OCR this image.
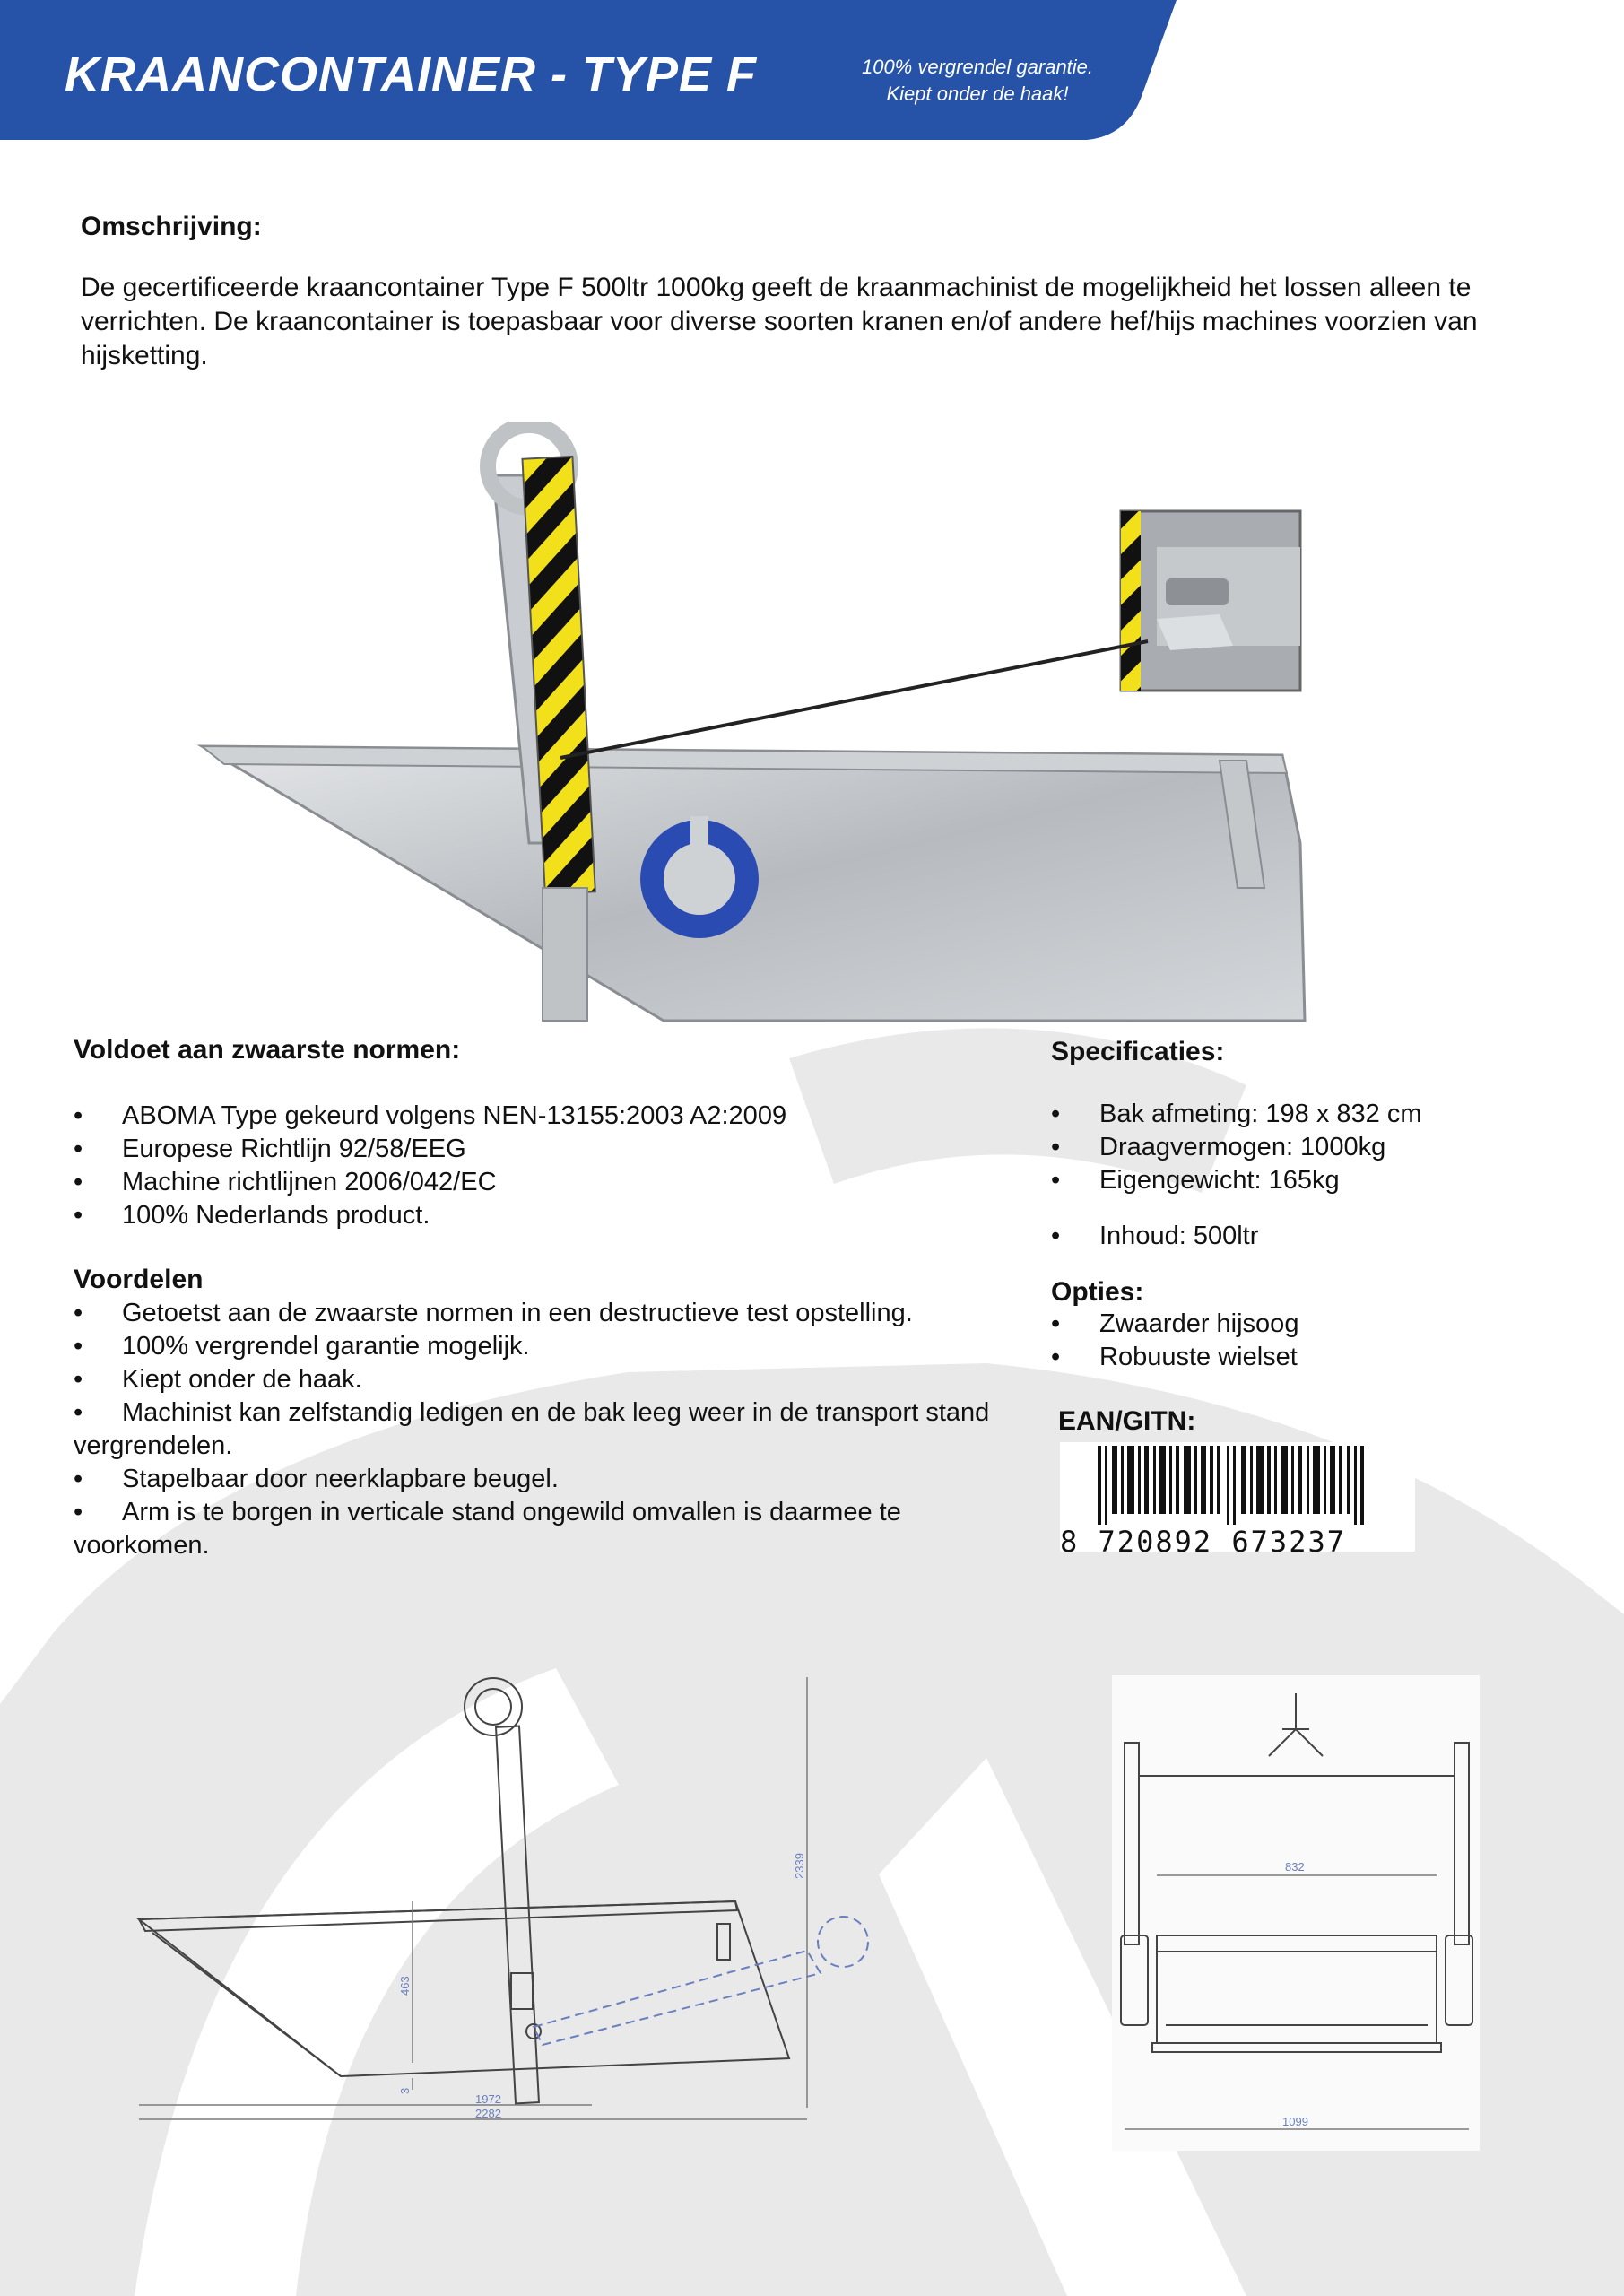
KRAANCONTAINER - TYPE F	100% vergrendel garantie.
Kiept onder de haak!
Omschrijving:
De gecertificeerde kraancontainer Type F 500ltr 1000kg geeft de kraanmachinist de mogelijkheid het lossen alleen te verrichten. De kraancontainer is toepasbaar voor diverse soorten kranen en/of andere hef/hijs machines voorzien van hijsketting.
Voldoet aan zwaarste normen:
• ABOMA Type gekeurd volgens NEN-13155:2003 A2:2009
• Europese Richtlijn 92/58/EEG
• Machine richtlijnen 2006/042/EC
• 100% Nederlands product.
Voordelen
• Getoetst aan de zwaarste normen in een destructieve test opstelling.
• 100% vergrendel garantie mogelijk.
• Kiept onder de haak.
• Machinist kan zelfstandig ledigen en de bak leeg weer in de transport stand vergrendelen.
• Stapelbaar door neerklapbare beugel.
• Arm is te borgen in verticale stand ongewild omvallen is daarmee te voorkomen.
Specificaties:
• Bak afmeting: 198 x 832 cm
• Draagvermogen: 1000kg
• Eigengewicht: 165kg
• Inhoud: 500ltr
Opties:
• Zwaarder hijsoog
• Robuuste wielset
EAN/GITN:
8 720892 673237
2339
463
3
1972
2282
832
1099
